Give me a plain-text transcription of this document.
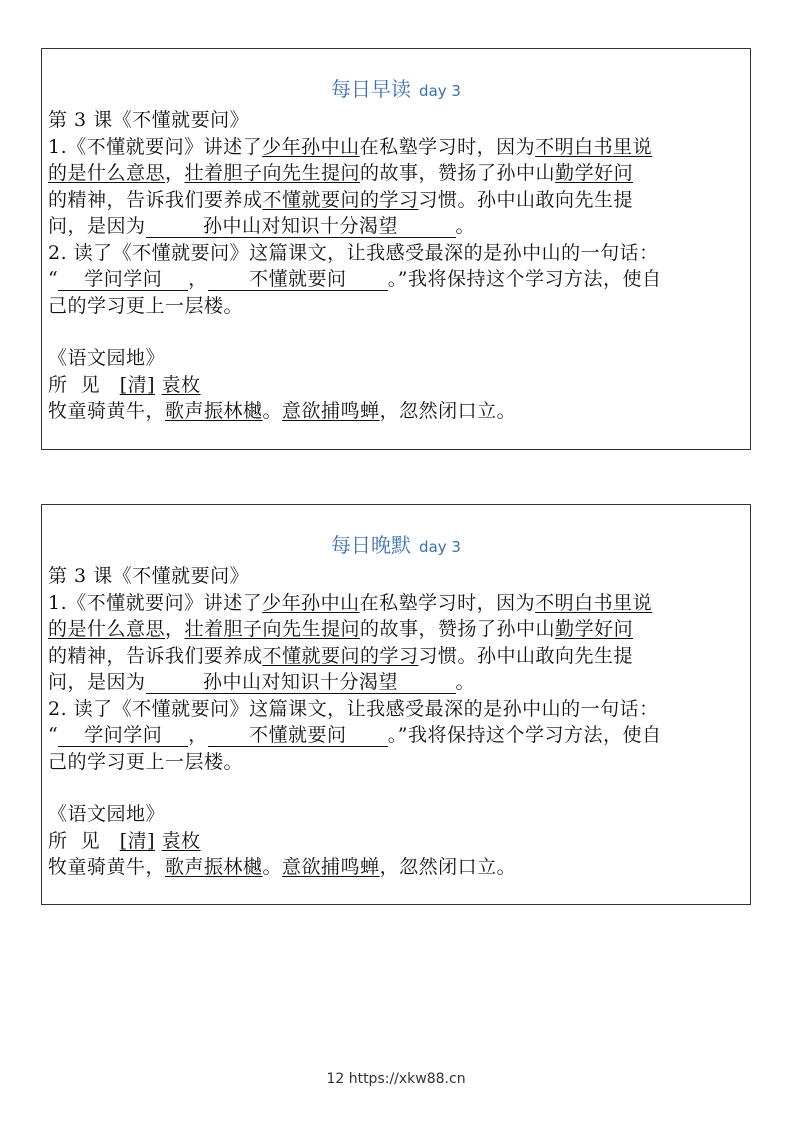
每日早读 day 3
第 3 课《不懂就要问》
1.《不懂就要问》讲述了少年孙中山在私塾学习时，因为不明白书里说
的是什么意思，壮着胆子向先生提问的故事，赞扬了孙中山勤学好问
的精神，告诉我们要养成不懂就要问的学习习惯。孙中山敢向先生提
问，是因为	孙中山对知识十分渴望	。
2. 读了《不懂就要问》这篇课文，让我感受最深的是孙中山的一句话：
“ 学问学问 ， 不懂就要问 。”我将保持这个学习方法，使自
己的学习更上一层楼。
《语文园地》
所  见 [清] 袁枚
牧童骑黄牛，歌声振林樾。意欲捕鸣蝉，忽然闭口立。
每日晚默 day 3
第 3 课《不懂就要问》
1.《不懂就要问》讲述了少年孙中山在私塾学习时，因为不明白书里说
的是什么意思，壮着胆子向先生提问的故事，赞扬了孙中山勤学好问
的精神，告诉我们要养成不懂就要问的学习习惯。孙中山敢向先生提
问，是因为	孙中山对知识十分渴望	。
2. 读了《不懂就要问》这篇课文，让我感受最深的是孙中山的一句话：
“ 学问学问 ， 不懂就要问 。”我将保持这个学习方法，使自
己的学习更上一层楼。
《语文园地》
所  见 [清] 袁枚
牧童骑黄牛，歌声振林樾。意欲捕鸣蝉，忽然闭口立。
12 https://xkw88.cn
